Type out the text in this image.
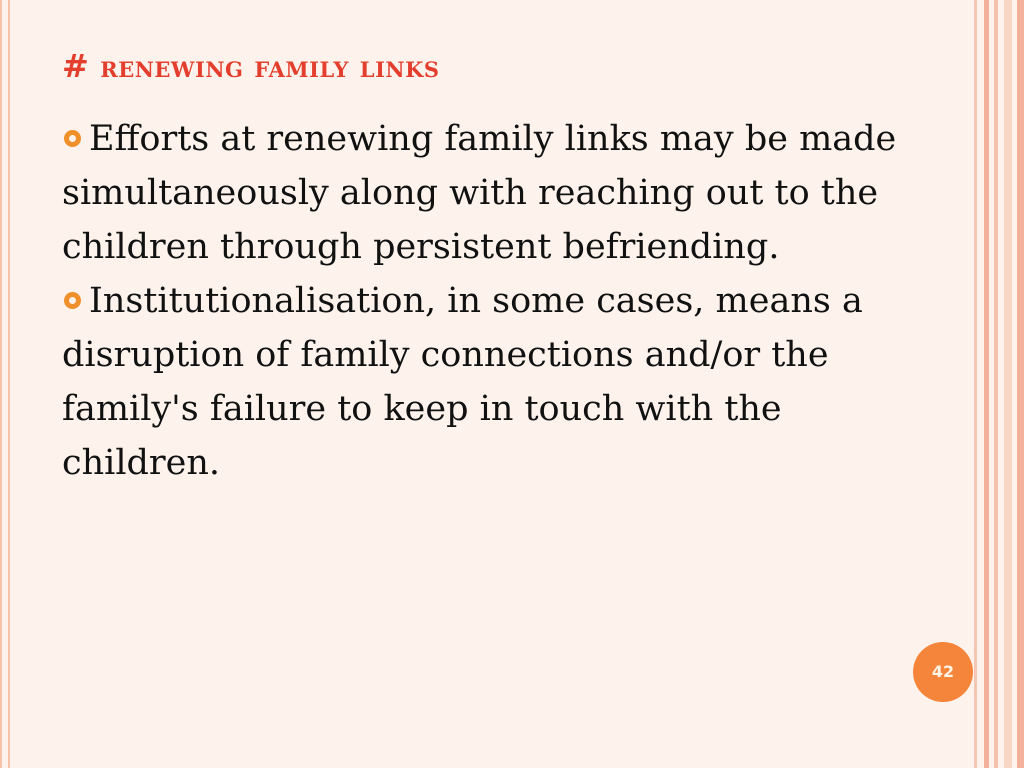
# renewing family links
Efforts at renewing family links may be made simultaneously along with reaching out to the children through persistent befriending.
Institutionalisation, in some cases, means a disruption of family connections and/or the family's failure to keep in touch with the children.
42
